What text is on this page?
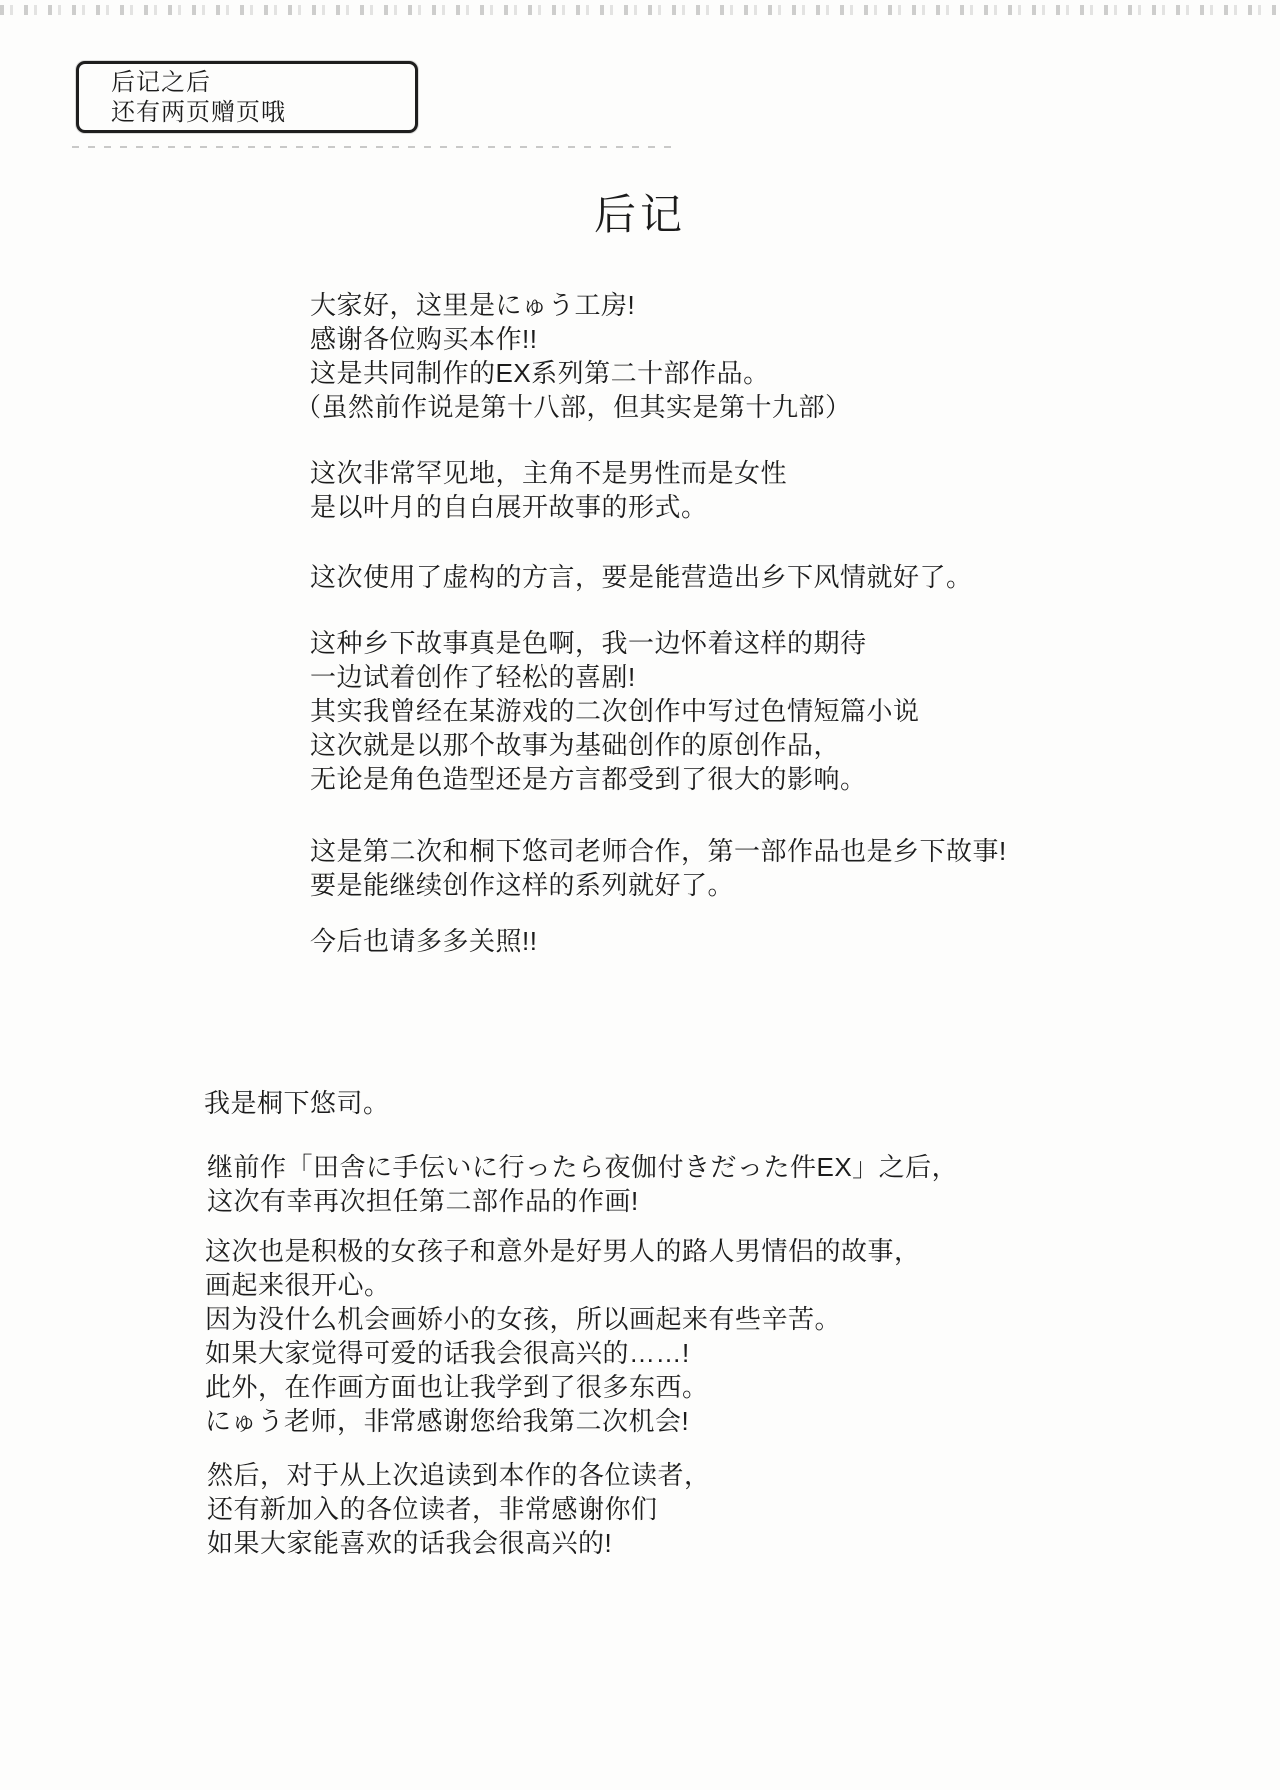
后记之后
还有两页赠页哦
后记
大家好，这里是にゅう工房!
感谢各位购买本作!!
这是共同制作的EX系列第二十部作品。
（虽然前作说是第十八部，但其实是第十九部）
这次非常罕见地，主角不是男性而是女性
是以叶月的自白展开故事的形式。
这次使用了虚构的方言，要是能营造出乡下风情就好了。
这种乡下故事真是色啊，我一边怀着这样的期待
一边试着创作了轻松的喜剧!
其实我曾经在某游戏的二次创作中写过色情短篇小说
这次就是以那个故事为基础创作的原创作品，
无论是角色造型还是方言都受到了很大的影响。
这是第二次和桐下悠司老师合作，第一部作品也是乡下故事!
要是能继续创作这样的系列就好了。
今后也请多多关照!!
我是桐下悠司。
继前作「田舎に手伝いに行ったら夜伽付きだった件EX」之后，
这次有幸再次担任第二部作品的作画!
这次也是积极的女孩子和意外是好男人的路人男情侣的故事，
画起来很开心。
因为没什么机会画娇小的女孩，所以画起来有些辛苦。
如果大家觉得可爱的话我会很高兴的……!
此外，在作画方面也让我学到了很多东西。
にゅう老师，非常感谢您给我第二次机会!
然后，对于从上次追读到本作的各位读者，
还有新加入的各位读者，非常感谢你们
如果大家能喜欢的话我会很高兴的!
